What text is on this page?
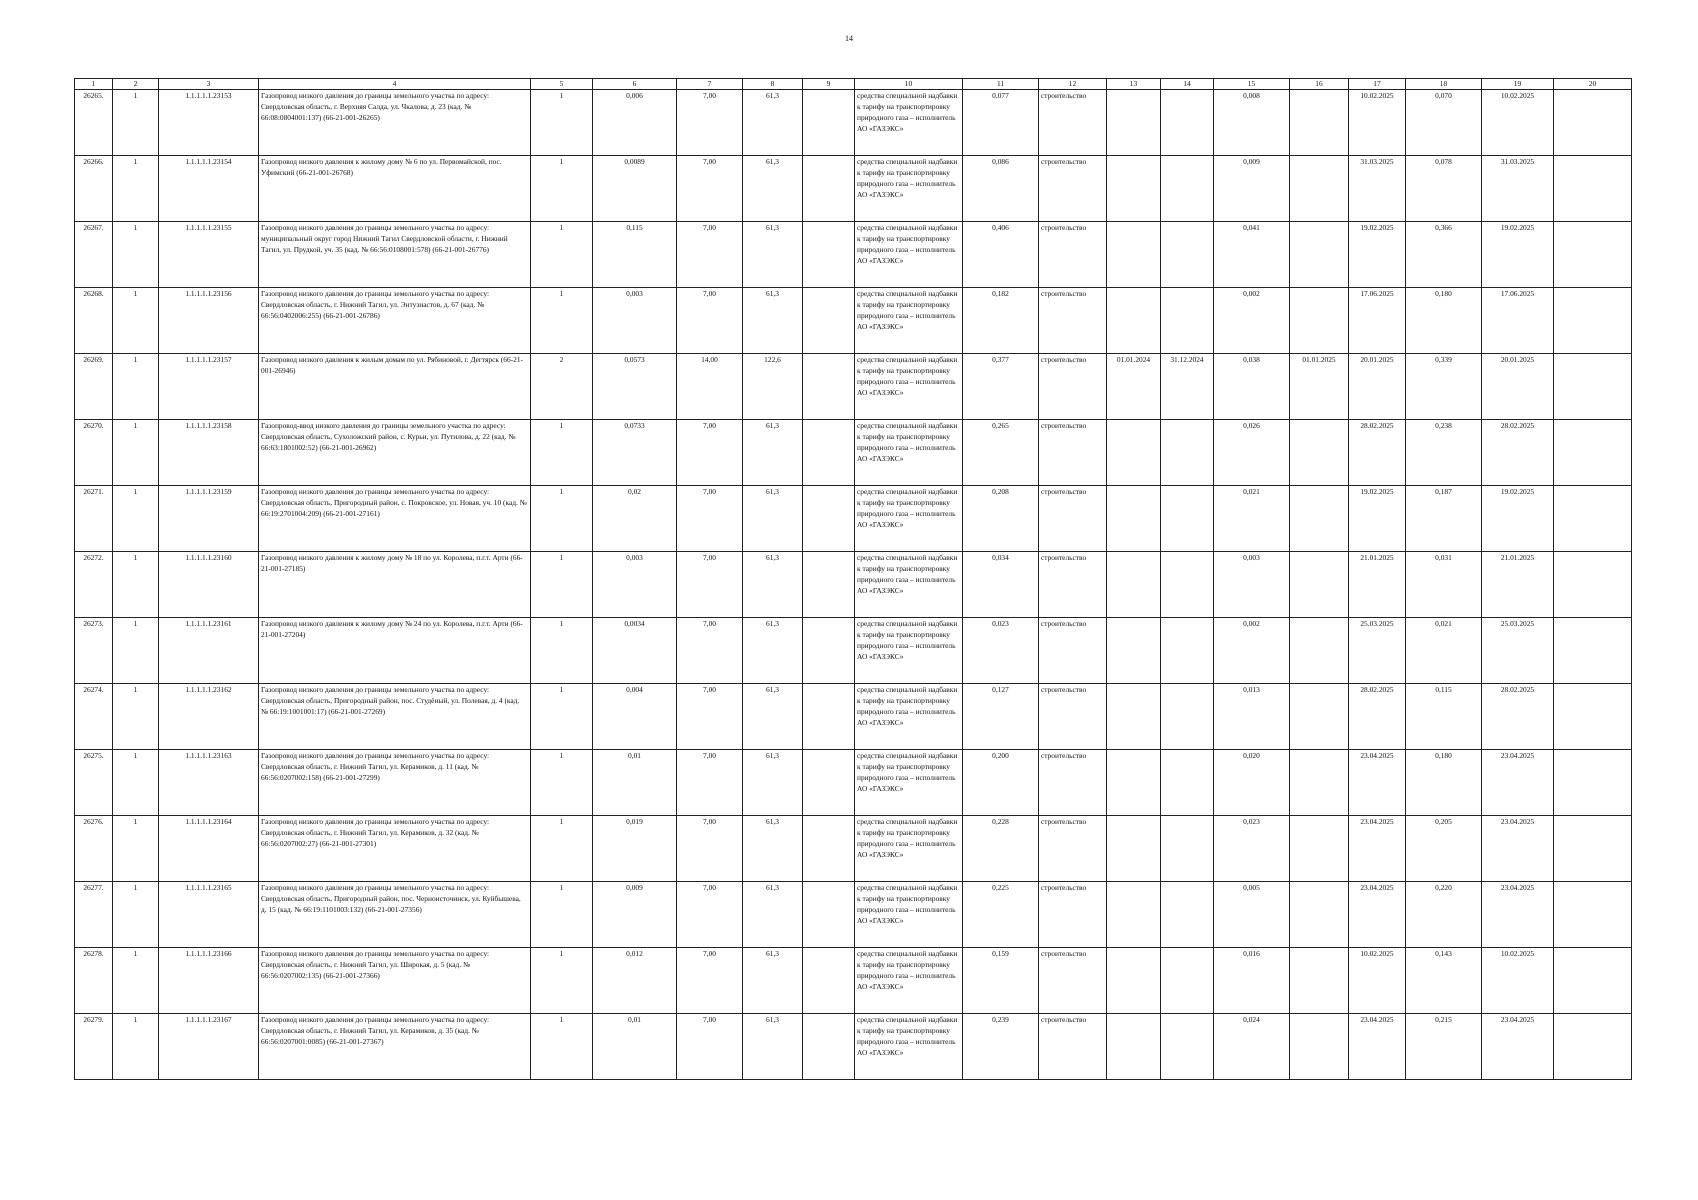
14
1	2	3	4	5	6	7	8	9	10	11	12	13	14	15	16	17	18	19	20
26265.	1	1.1.1.1.1.23153	Газопровод низкого давления до границы земельного участка по адресу: Свердловская область, г. Верхняя Салда, ул. Чкалова, д. 23 (кад. № 66:08:0804001:137) (66-21-001-26265)	1	0,006	7,00	61,3		средства специальной надбавки к тарифу на транспортировку природного газа – исполнитель АО «ГАЗЭКС»	0,077	строительство			0,008		10.02.2025	0,070	10.02.2025	
26266.	1	1.1.1.1.1.23154	Газопровод низкого давления к жилому дому № 6 по ул. Первомайской, пос. Уфимский (66-21-001-26768)	1	0,0089	7,00	61,3		средства специальной надбавки к тарифу на транспортировку природного газа – исполнитель АО «ГАЗЭКС»	0,086	строительство			0,009		31.03.2025	0,078	31.03.2025	
26267.	1	1.1.1.1.1.23155	Газопровод низкого давления до границы земельного участка по адресу: муниципальный округ город Нижний Тагил Свердловской области, г. Нижний Тагил, ул. Прудкой, уч. 35 (кад. № 66:56:0108001:578) (66-21-001-26776)	1	0,115	7,00	61,3		средства специальной надбавки к тарифу на транспортировку природного газа – исполнитель АО «ГАЗЭКС»	0,406	строительство			0,041		19.02.2025	0,366	19.02.2025	
26268.	1	1.1.1.1.1.23156	Газопровод низкого давления до границы земельного участка по адресу: Свердловская область, г. Нижний Тагил, ул. Энтузиастов, д. 67 (кад. № 66:56:0402006:255) (66-21-001-26786)	1	0,003	7,00	61,3		средства специальной надбавки к тарифу на транспортировку природного газа – исполнитель АО «ГАЗЭКС»	0,182	строительство			0,002		17.06.2025	0,180	17.06.2025	
26269.	1	1.1.1.1.1.23157	Газопровод низкого давления к жилым домам по ул. Рябиновой, г. Дегтярск (66-21-001-26946)	2	0,0573	14,00	122,6		средства специальной надбавки к тарифу на транспортировку природного газа – исполнитель АО «ГАЗЭКС»	0,377	строительство	01.01.2024	31.12.2024	0,038	01.01.2025	20.01.2025	0,339	20.01.2025	
26270.	1	1.1.1.1.1.23158	Газопровод-ввод низкого давления до границы земельного участка по адресу: Свердловская область, Сухоложский район, с. Курьи, ул. Путилова, д. 22 (кад. № 66:63:1801002:52) (66-21-001-26962)	1	0,0733	7,00	61,3		средства специальной надбавки к тарифу на транспортировку природного газа – исполнитель АО «ГАЗЭКС»	0,265	строительство			0,026		28.02.2025	0,238	28.02.2025	
26271.	1	1.1.1.1.1.23159	Газопровод низкого давления до границы земельного участка по адресу: Свердловская область, Пригородный район, с. Покровское, ул. Новая, уч. 10 (кад. № 66:19:2701004:209) (66-21-001-27161)	1	0,02	7,00	61,3		средства специальной надбавки к тарифу на транспортировку природного газа – исполнитель АО «ГАЗЭКС»	0,208	строительство			0,021		19.02.2025	0,187	19.02.2025	
26272.	1	1.1.1.1.1.23160	Газопровод низкого давления к жилому дому № 18 по ул. Королева, п.г.т. Арти (66-21-001-27185)	1	0,003	7,00	61,3		средства специальной надбавки к тарифу на транспортировку природного газа – исполнитель АО «ГАЗЭКС»	0,034	строительство			0,003		21.01.2025	0,031	21.01.2025	
26273.	1	1.1.1.1.1.23161	Газопровод низкого давления к жилому дому № 24 по ул. Королева, п.г.т. Арти (66-21-001-27204)	1	0,0034	7,00	61,3		средства специальной надбавки к тарифу на транспортировку природного газа – исполнитель АО «ГАЗЭКС»	0,023	строительство			0,002		25.03.2025	0,021	25.03.2025	
26274.	1	1.1.1.1.1.23162	Газопровод низкого давления до границы земельного участка по адресу: Свердловская область, Пригородный район, пос. Студёный, ул. Полевая, д. 4 (кад. № 66:19:1001001:17) (66-21-001-27269)	1	0,004	7,00	61,3		средства специальной надбавки к тарифу на транспортировку природного газа – исполнитель АО «ГАЗЭКС»	0,127	строительство			0,013		28.02.2025	0,115	28.02.2025	
26275.	1	1.1.1.1.1.23163	Газопровод низкого давления до границы земельного участка по адресу: Свердловская область, г. Нижний Тагил, ул. Керамиков, д. 11 (кад. № 66:56:0207002:158) (66-21-001-27299)	1	0,01	7,00	61,3		средства специальной надбавки к тарифу на транспортировку природного газа – исполнитель АО «ГАЗЭКС»	0,200	строительство			0,020		23.04.2025	0,180	23.04.2025	
26276.	1	1.1.1.1.1.23164	Газопровод низкого давления до границы земельного участка по адресу: Свердловская область, г. Нижний Тагил, ул. Керамиков, д. 32 (кад. № 66:56:0207002:27) (66-21-001-27301)	1	0,019	7,00	61,3		средства специальной надбавки к тарифу на транспортировку природного газа – исполнитель АО «ГАЗЭКС»	0,228	строительство			0,023		23.04.2025	0,205	23.04.2025	
26277.	1	1.1.1.1.1.23165	Газопровод низкого давления до границы земельного участка по адресу: Свердловская область, Пригородный район, пос. Черноисточинск, ул. Куйбышева, д. 15 (кад. № 66:19:1101003:132) (66-21-001-27356)	1	0,009	7,00	61,3		средства специальной надбавки к тарифу на транспортировку природного газа – исполнитель АО «ГАЗЭКС»	0,225	строительство			0,005		23.04.2025	0,220	23.04.2025	
26278.	1	1.1.1.1.1.23166	Газопровод низкого давления до границы земельного участка по адресу: Свердловская область, г. Нижний Тагил, ул. Широкая, д. 5 (кад. № 66:56:0207002:135) (66-21-001-27366)	1	0,012	7,00	61,3		средства специальной надбавки к тарифу на транспортировку природного газа – исполнитель АО «ГАЗЭКС»	0,159	строительство			0,016		10.02.2025	0,143	10.02.2025	
26279.	1	1.1.1.1.1.23167	Газопровод низкого давления до границы земельного участка по адресу: Свердловская область, г. Нижний Тагил, ул. Керамиков, д. 35 (кад. № 66:56:0207001:0085) (66-21-001-27367)	1	0,01	7,00	61,3		средства специальной надбавки к тарифу на транспортировку природного газа – исполнитель АО «ГАЗЭКС»	0,239	строительство			0,024		23.04.2025	0,215	23.04.2025	
